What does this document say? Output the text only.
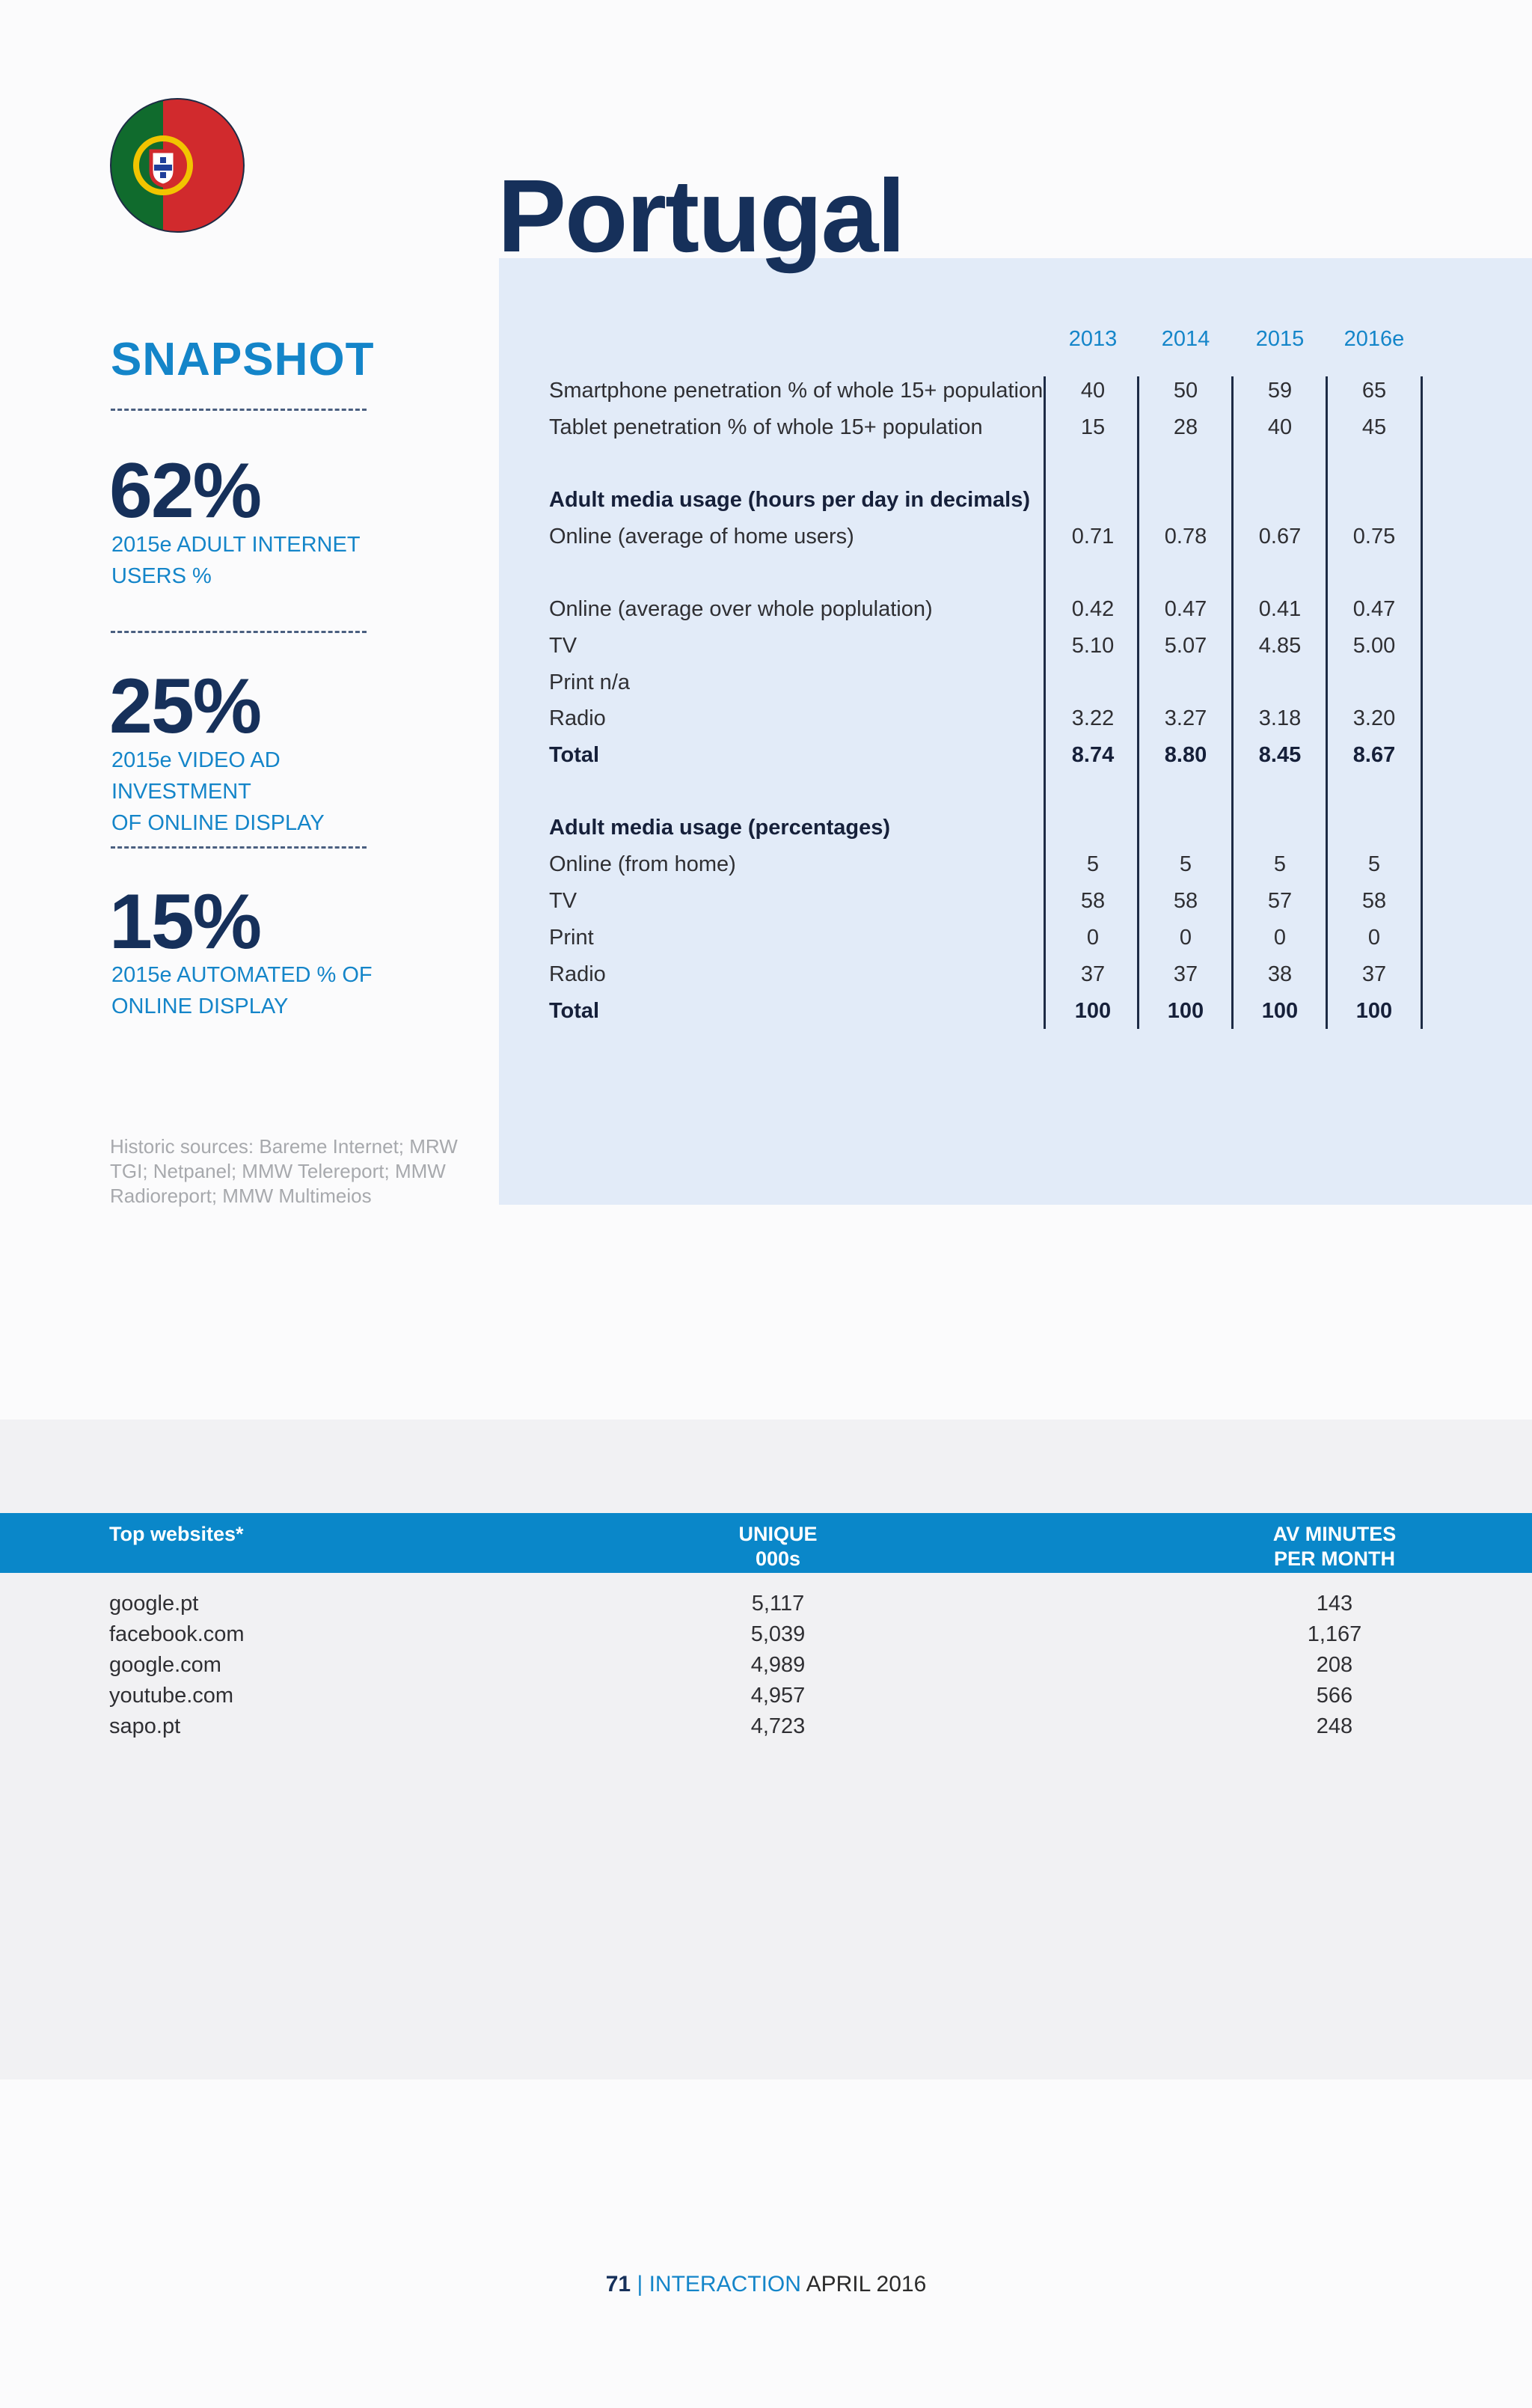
Portugal
SNAPSHOT
62%

2015e ADULT INTERNET
USERS %

25%

2015e VIDEO AD INVESTMENT
OF ONLINE DISPLAY

15%

2015e AUTOMATED % OF
ONLINE DISPLAY

Historic sources: Bareme Internet; MRW
TGI; Netpanel; MMW Telereport; MMW
Radioreport; MMW Multimeios

2013	2014	2015	2016e
Smartphone penetration % of whole 15+ population	40	50	59	65
Tablet penetration % of whole 15+ population	15	28	40	45
Adult media usage (hours per day in decimals)
Online (average of home users)	0.71	0.78	0.67	0.75
Online (average over whole poplulation)	0.42	0.47	0.41	0.47
TV	5.10	5.07	4.85	5.00
Print n/a
Radio	3.22	3.27	3.18	3.20
Total	8.74	8.80	8.45	8.67
Adult media usage (percentages)
Online (from home)	5	5	5	5
TV	58	58	57	58
Print	0	0	0	0
Radio	37	37	38	37
Total	100	100	100	100

Top websites*	UNIQUE
000s

AV MINUTES
PER MONTH

google.pt	5,117	143
facebook.com	5,039	1,167
google.com	4,989	208
youtube.com	4,957	566
sapo.pt	4,723	248
71 | INTERACTION APRIL 2016
